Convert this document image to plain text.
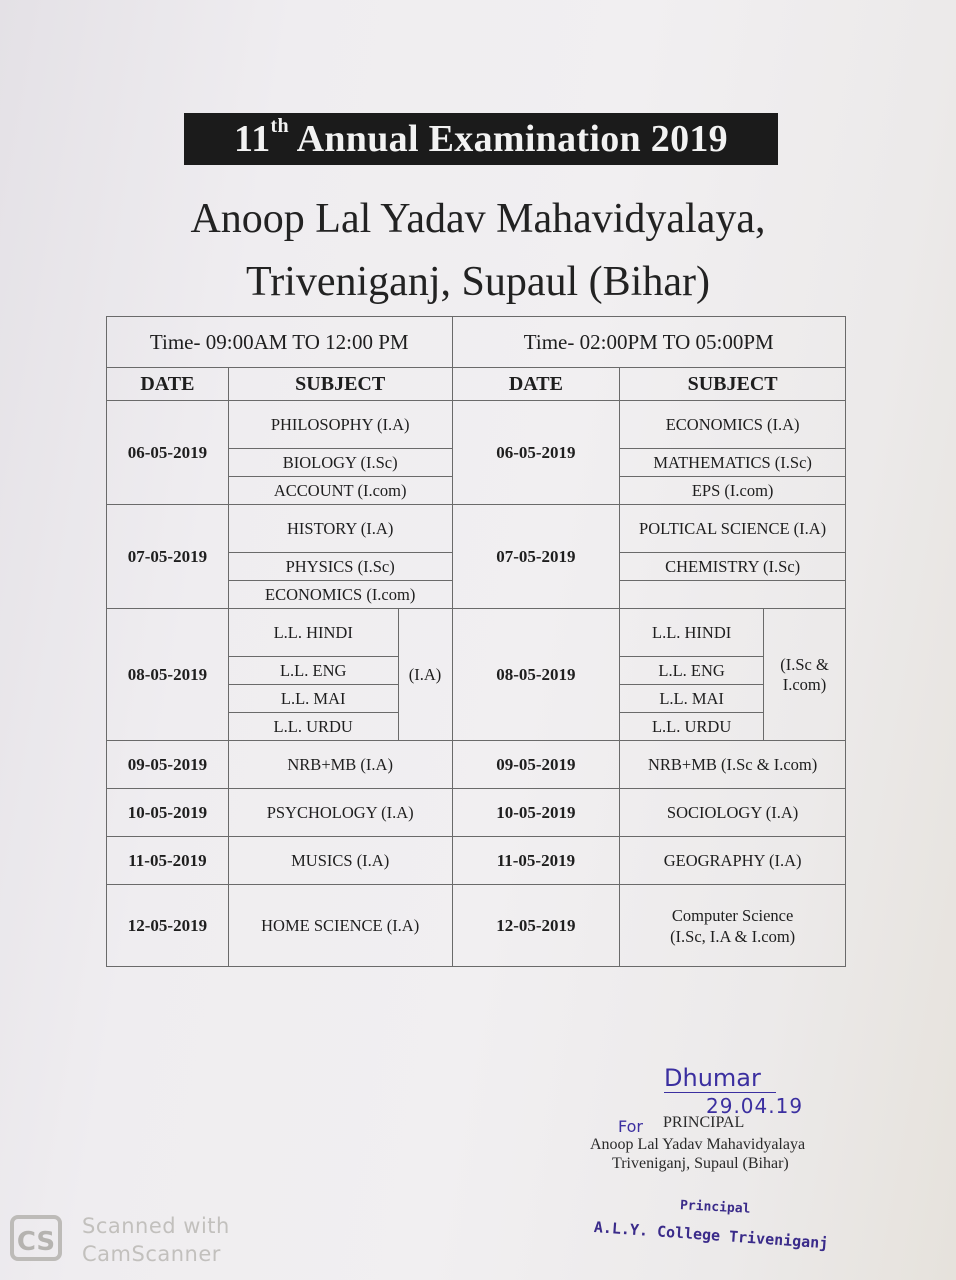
11th Annual Examination 2019
Anoop Lal Yadav Mahavidyalaya,
Triveniganj, Supaul (Bihar)
Time- 09:00AM TO 12:00 PM			Time- 02:00PM TO 05:00PM		
DATE	SUBJECT		DATE	SUBJECT	
06-05-2019	PHILOSOPHY (I.A)		06-05-2019	ECONOMICS (I.A)	
	BIOLOGY (I.Sc)			MATHEMATICS (I.Sc)	
	ACCOUNT (I.com)			EPS (I.com)	
07-05-2019	HISTORY (I.A)		07-05-2019	POLTICAL SCIENCE (I.A)	
	PHYSICS (I.Sc)			CHEMISTRY (I.Sc)	
	ECONOMICS (I.com)				
08-05-2019	L.L. HINDI	(I.A)	08-05-2019	L.L. HINDI	(I.Sc & I.com)
	L.L. ENG			L.L. ENG	
	L.L. MAI			L.L. MAI	
	L.L. URDU			L.L. URDU	
09-05-2019	NRB+MB (I.A)		09-05-2019	NRB+MB (I.Sc & I.com)	
10-05-2019	PSYCHOLOGY (I.A)		10-05-2019	SOCIOLOGY (I.A)	
11-05-2019	MUSICS (I.A)		11-05-2019	GEOGRAPHY (I.A)	
12-05-2019	HOME SCIENCE (I.A)		12-05-2019	Computer Science
(I.Sc, I.A & I.com)	
Dhumar
29.04.19
For PRINCIPAL
Anoop Lal Yadav Mahavidyalaya
Triveniganj, Supaul (Bihar)
Principal
A.L.Y. College Triveniganj
CS
Scanned with
CamScanner
